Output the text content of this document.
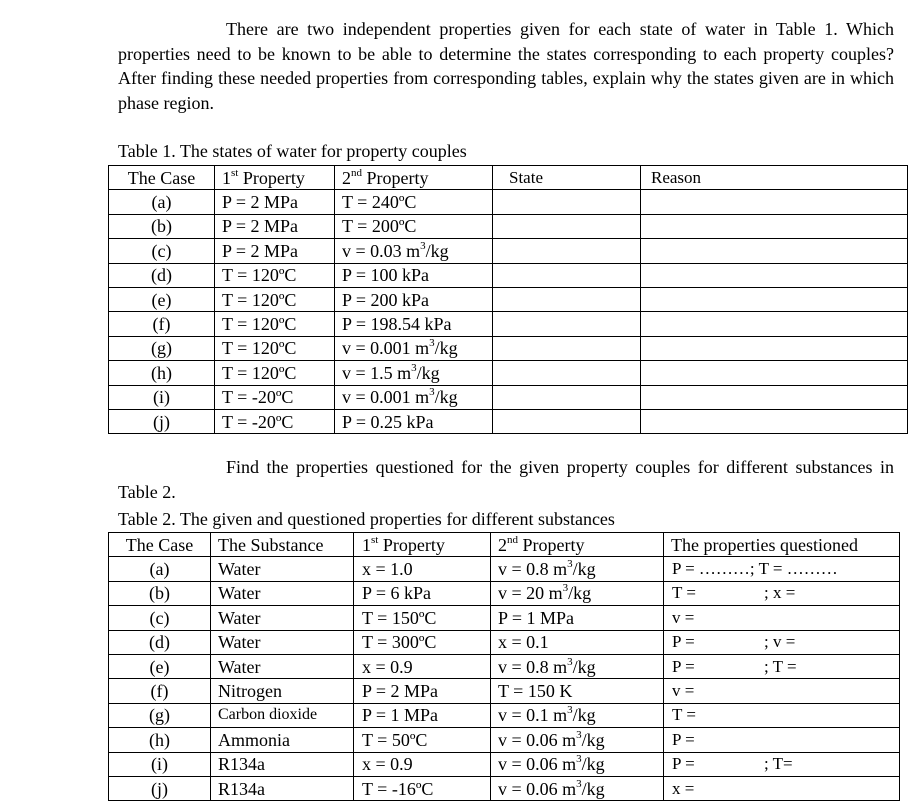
There are two independent properties given for each state of water in Table 1. Which properties need to be known to be able to determine the states corresponding to each property couples? After finding these needed properties from corresponding tables, explain why the states given are in which phase region.

Table 1. The states of water for property couples

The Case	1st Property	2nd Property	State	Reason
(a)	P = 2 MPa	T = 240ºC		
(b)	P = 2 MPa	T = 200ºC		
(c)	P = 2 MPa	v = 0.03 $m^3/kg$		
(d)	T = 120ºC	P = 100 kPa		
(e)	T = 120ºC	P = 200 kPa		
(f)	T = 120ºC	P = 198.54 kPa		
(g)	T = 120ºC	v = 0.001 $m^3/kg$		
(h)	T = 120ºC	v = 1.5 $m^3/kg$		
(i)	T = -20ºC	v = 0.001 $m^3/kg$		
(j)	T = -20ºC	P = 0.25 kPa		

Find the properties questioned for the given property couples for different substances in Table 2.

Table 2. The given and questioned properties for different substances

The Case	The Substance	1st Property	2nd Property	The properties questioned
(a)	Water	x = 1.0	v = 0.8 $m^3/kg$	P = ………; T = ………
(b)	Water	P = 6 kPa	v = 20 $m^3/kg$	T = ; x =
(c)	Water	T = 150ºC	P = 1 MPa	v =
(d)	Water	T = 300ºC	x = 0.1	P = ; v =
(e)	Water	x = 0.9	v = 0.8 $m^3/kg$	P = ; T =
(f)	Nitrogen	P = 2 MPa	T = 150 K	v =
(g)	Carbon dioxide	P = 1 MPa	v = 0.1 $m^3/kg$	T =
(h)	Ammonia	T = 50ºC	v = 0.06 $m^3/kg$	P =
(i)	R134a	x = 0.9	v = 0.06 $m^3/kg$	P = ; T=
(j)	R134a	T = -16ºC	v = 0.06 $m^3/kg$	x =
